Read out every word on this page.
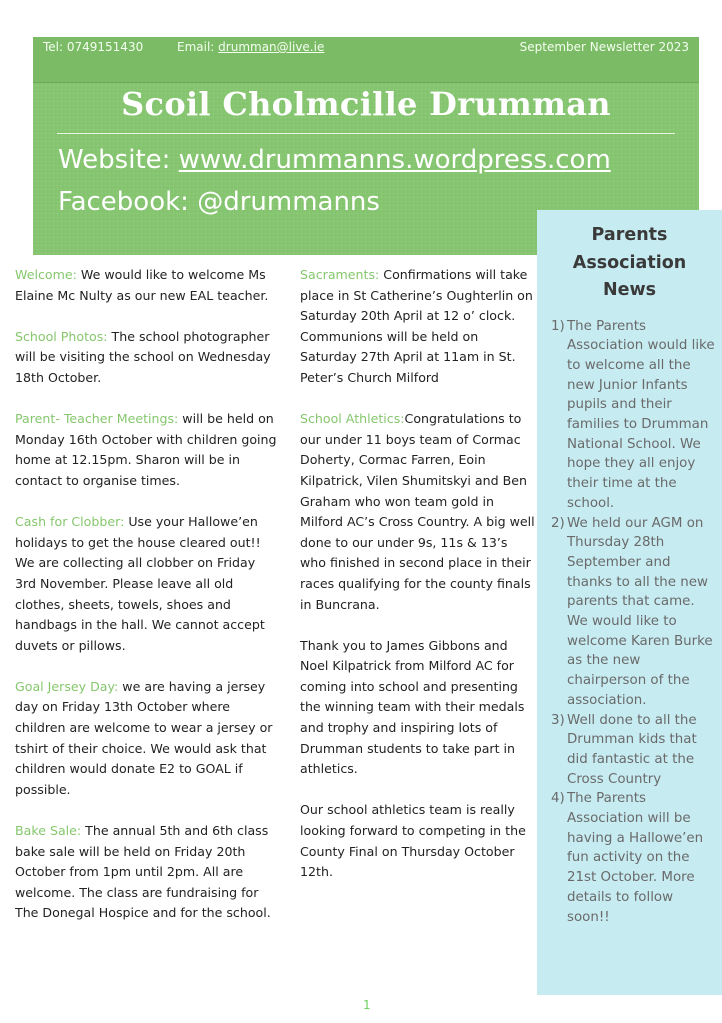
Tel: 0749151430	Email: drumman@live.ie	September Newsletter 2023
Scoil Cholmcille Drumman
Website: www.drummanns.wordpress.com
Facebook: @drummanns

Welcome: We would like to welcome Ms Elaine Mc Nulty as our new EAL teacher.

School Photos: The school photographer will be visiting the school on Wednesday 18th October.

Parent- Teacher Meetings: will be held on Monday 16th October with children going home at 12.15pm. Sharon will be in contact to organise times.

Cash for Clobber: Use your Hallowe’en holidays to get the house cleared out!! We are collecting all clobber on Friday 3rd November. Please leave all old clothes, sheets, towels, shoes and handbags in the hall. We cannot accept duvets or pillows.

Goal Jersey Day: we are having a jersey day on Friday 13th October where children are welcome to wear a jersey or tshirt of their choice. We would ask that children would donate E2 to GOAL if possible.

Bake Sale: The annual 5th and 6th class bake sale will be held on Friday 20th October from 1pm until 2pm. All are welcome. The class are fundraising for The Donegal Hospice and for the school.

Sacraments: Confirmations will take place in St Catherine’s Oughterlin on Saturday 20th April at 12 o’ clock. Communions will be held on Saturday 27th April at 11am in St. Peter’s Church Milford

School Athletics:Congratulations to our under 11 boys team of Cormac Doherty, Cormac Farren, Eoin Kilpatrick, Vilen Shumitskyi and Ben Graham who won team gold in Milford AC’s Cross Country. A big well done to our under 9s, 11s & 13’s who finished in second place in their races qualifying for the county finals in Buncrana.

Thank you to James Gibbons and Noel Kilpatrick from Milford AC for coming into school and presenting the winning team with their medals and trophy and inspiring lots of Drumman students to take part in athletics.

Our school athletics team is really looking forward to competing in the County Final on Thursday October 12th.

Parents
Association
News
1) The Parents Association would like to welcome all the new Junior Infants pupils and their families to Drumman National School. We hope they all enjoy their time at the school.
2) We held our AGM on Thursday 28th September and thanks to all the new parents that came. We would like to welcome Karen Burke as the new chairperson of the association.
3) Well done to all the Drumman kids that did fantastic at the Cross Country
4) The Parents Association will be having a Hallowe’en fun activity on the 21st October. More details to follow soon!!
1
